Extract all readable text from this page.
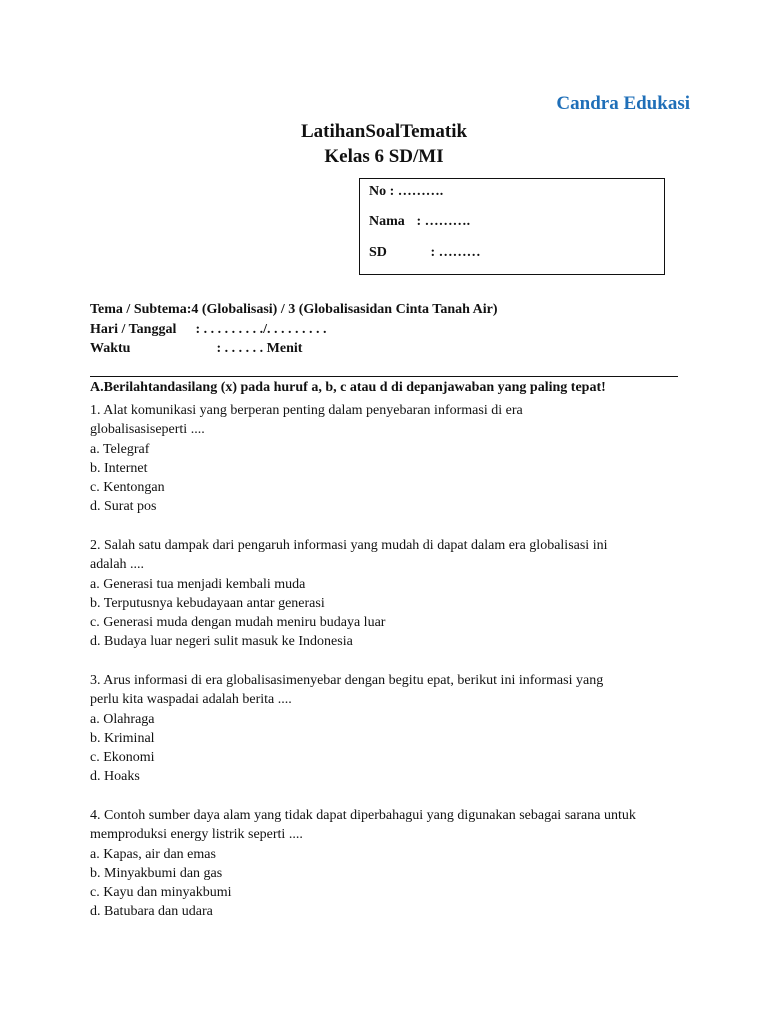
Candra Edukasi
LatihanSoalTematik
Kelas 6 SD/MI
No : ……….
Nama : ……….
SD	: ………
Tema / Subtema:4 (Globalisasi) / 3 (Globalisasidan Cinta Tanah Air)
Hari / Tanggal : . . . . . . . . ./. . . . . . . . .
Waktu	: . . . . . . Menit
A.Berilahtandasilang (x) pada huruf a, b, c atau d di depanjawaban yang paling tepat!
1. Alat komunikasi yang berperan penting dalam penyebaran informasi di era
globalisasiseperti ....
a. Telegraf
b. Internet
c. Kentongan
d. Surat pos
2. Salah satu dampak dari pengaruh informasi yang mudah di dapat dalam era globalisasi ini
adalah ....
a. Generasi tua menjadi kembali muda
b. Terputusnya kebudayaan antar generasi
c. Generasi muda dengan mudah meniru budaya luar
d. Budaya luar negeri sulit masuk ke Indonesia
3. Arus informasi di era globalisasimenyebar dengan begitu epat, berikut ini informasi yang
perlu kita waspadai adalah berita ....
a. Olahraga
b. Kriminal
c. Ekonomi
d. Hoaks
4. Contoh sumber daya alam yang tidak dapat diperbahagui yang digunakan sebagai sarana untuk
memproduksi energy listrik seperti ....
a. Kapas, air dan emas
b. Minyakbumi dan gas
c. Kayu dan minyakbumi
d. Batubara dan udara
